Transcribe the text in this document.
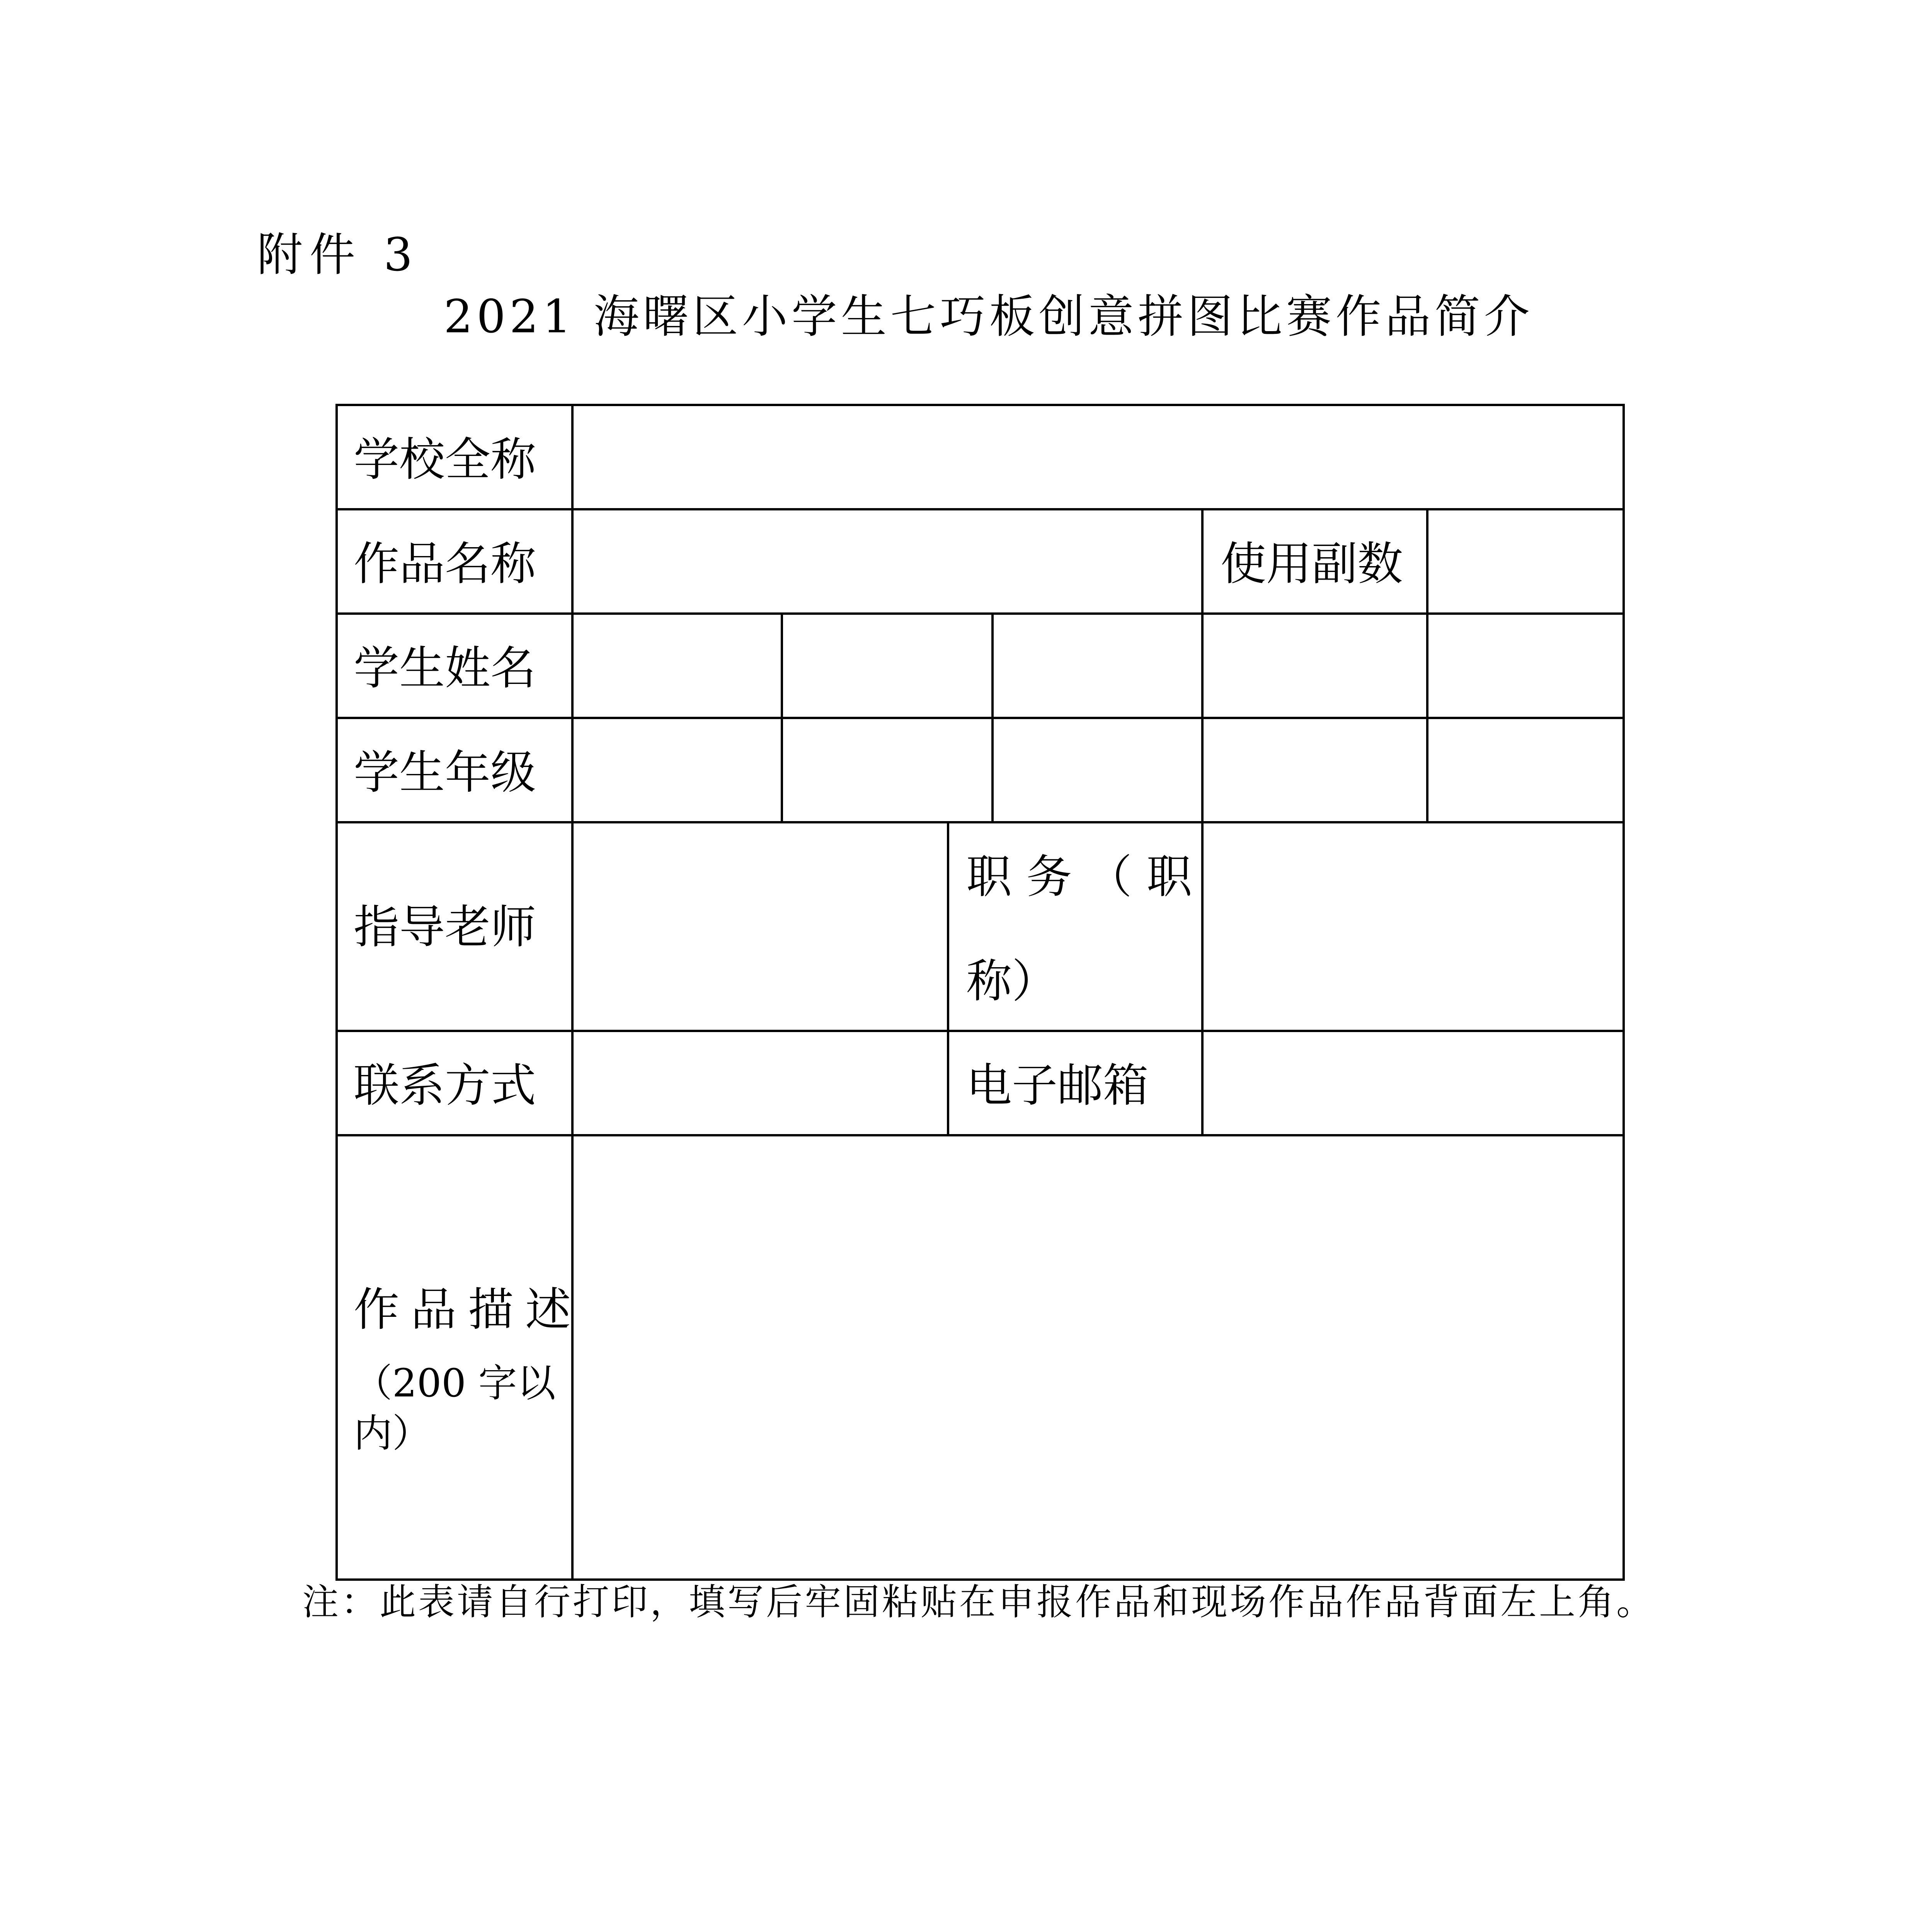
附件 3
2021 海曙区小学生七巧板创意拼图比赛作品简介
学校全称
作品名称	使用副数
学生姓名
学生年级
指导老师
职 务 （ 职
称）
联系方式	电子邮箱
作品描述
（200 字以
内）
注：此表请自行打印，填写后牢固粘贴在申报作品和现场作品作品背面左上角。
